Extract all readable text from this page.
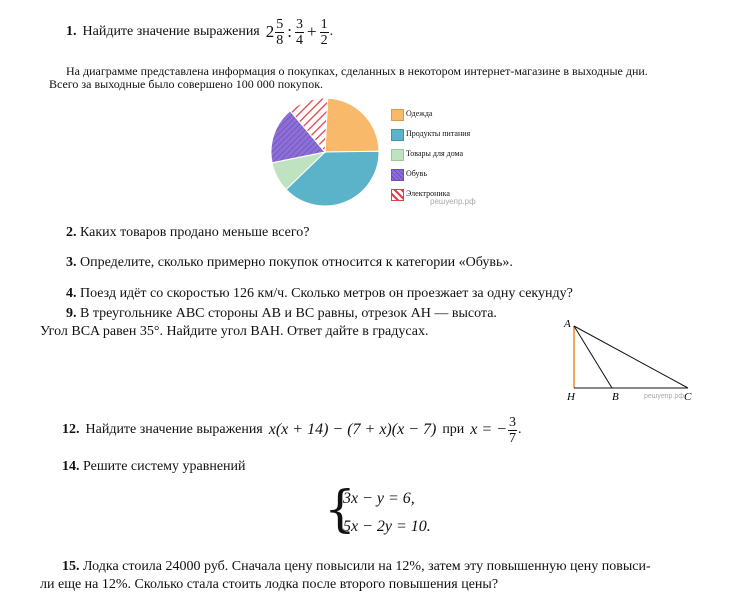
1. Найдите значение выражения $2 \frac{5}{8}$ : $\frac{3}{4} + \frac{1}{2}$ .
На диаграмме представлена информация о покупках, сделанных в некотором интернет-магазине в выходные дни.
Всего за выходные было совершено 100 000 покупок.
Одежда
Продукты питания
Товары для дома
Обувь
Электроника
решуепр.рф
2. Каких товаров продано меньше всего?
3. Определите, сколько примерно покупок относится к категории «Обувь».
4. Поезд идёт со скоростью 126 км/ч. Сколько метров он проезжает за одну секунду?
9. В треугольнике ABC стороны AB и BC равны, отрезок AH — высота.
Угол BCA равен 35°. Найдите угол BAH. Ответ дайте в градусах.	A
H	B	решуепр.рф C
12. Найдите значение выражения x(x + 14) − (7 + x)(x − 7) при x = − $\frac{3}{7}$ .
14. Решите систему уравнений
{
3x − y = 6,
5x − 2y = 10.
15. Лодка стоила 24000 руб. Сначала цену повысили на 12%, затем эту повышенную цену повыси-
ли еще на 12%. Сколько стала стоить лодка после второго повышения цены?
